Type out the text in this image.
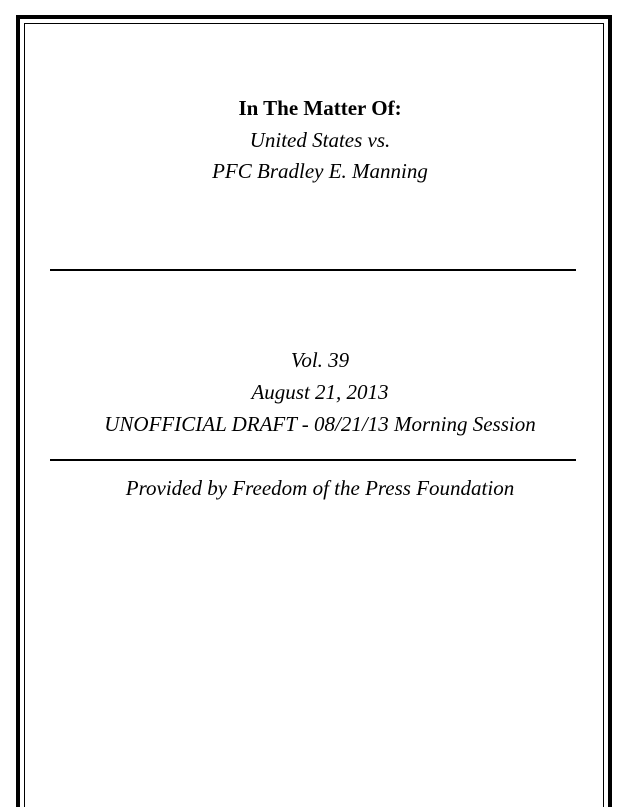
In The Matter Of:
United States vs.
PFC Bradley E. Manning
Vol. 39
August 21, 2013
UNOFFICIAL DRAFT - 08/21/13 Morning Session
Provided by Freedom of the Press Foundation
